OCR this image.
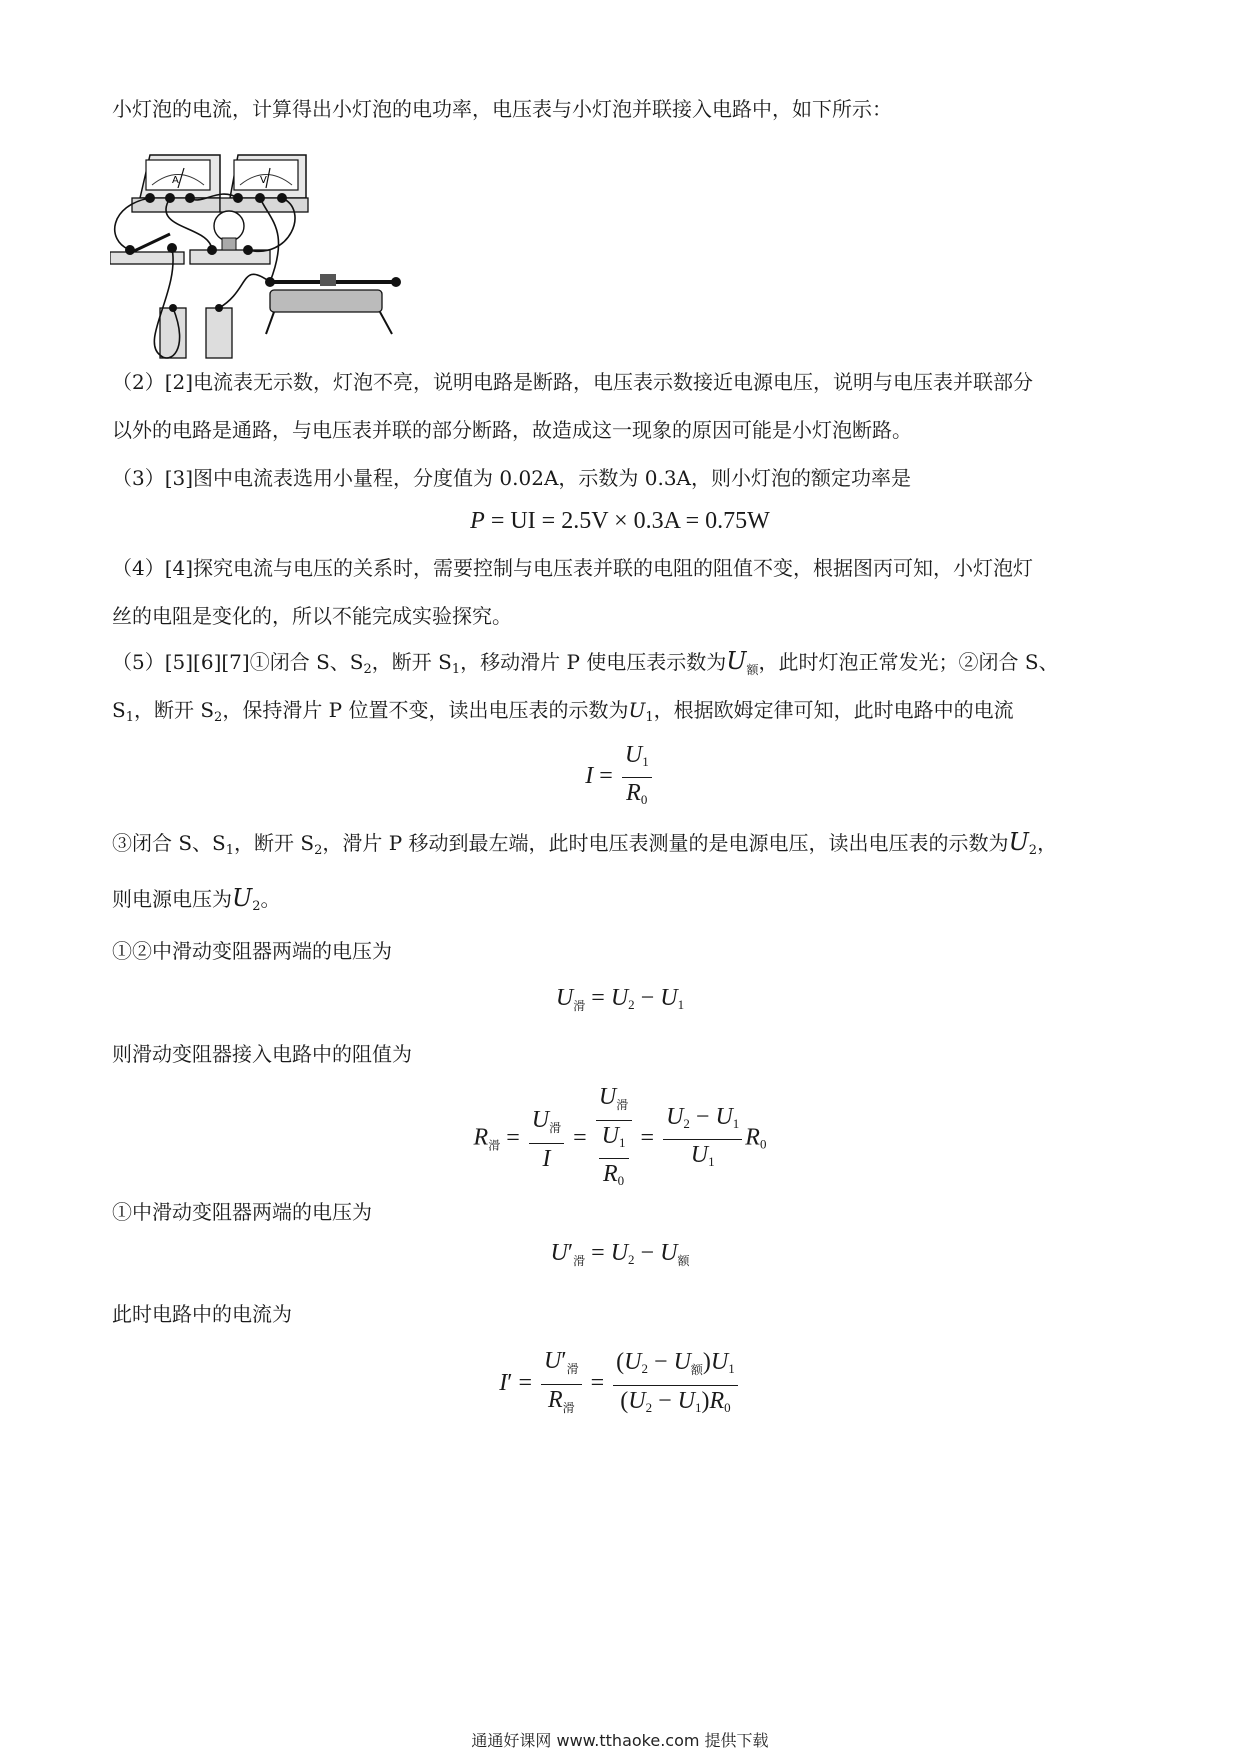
小灯泡的电流，计算得出小灯泡的电功率，电压表与小灯泡并联接入电路中，如下所示：

A	V

（2）[2]电流表无示数，灯泡不亮，说明电路是断路，电压表示数接近电源电压，说明与电压表并联部分

以外的电路是通路，与电压表并联的部分断路，故造成这一现象的原因可能是小灯泡断路。

（3）[3]图中电流表选用小量程，分度值为 0.02A，示数为 0.3A，则小灯泡的额定功率是

P = UI = 2.5V × 0.3A = 0.75W

（4）[4]探究电流与电压的关系时，需要控制与电压表并联的电阻的阻值不变，根据图丙可知，小灯泡灯

丝的电阻是变化的，所以不能完成实验探究。

（5）[5][6][7]①闭合 S、$S_2$，断开 $S_1$，移动滑片 P 使电压表示数为$U_额$，此时灯泡正常发光；②闭合 S、

$S_1$，断开 $S_2$，保持滑片 P 位置不变，读出电压表的示数为$U_1$，根据欧姆定律可知，此时电路中的电流

$I = \frac{U_1}{R_0}$

③闭合 S、$S_1$，断开 $S_2$，滑片 P 移动到最左端，此时电压表测量的是电源电压，读出电压表的示数为$U_2$，

则电源电压为$U_2$。

①②中滑动变阻器两端的电压为

$U_滑 = U_2 - U_1$

则滑动变阻器接入电路中的阻值为

$R_滑 = \frac{U_滑}{I} = \frac{U_滑}{\frac{U_1}{R_0}} = \frac{U_2 - U_1}{U_1} R_0$

①中滑动变阻器两端的电压为

$U'_滑 = U_2 - U_额$

此时电路中的电流为

$I' = \frac{U'_滑}{R_滑} = \frac{(U_2 - U_额)U_1}{(U_2 - U_1)R_0}$
通通好课网 www.tthaoke.com 提供下载
